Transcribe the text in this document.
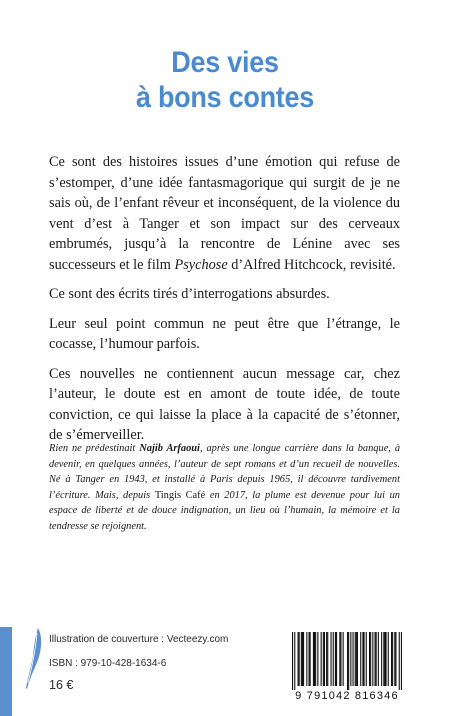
Des vies
à bons contes

Ce sont des histoires issues d’une émotion qui refuse de s’estomper, d’une idée fantasmagorique qui surgit de je ne sais où, de l’enfant rêveur et inconséquent, de la violence du vent d’est à Tanger et son impact sur des cerveaux embrumés, jusqu’à la rencontre de Lénine avec ses successeurs et le film Psychose d’Alfred Hitchcock, revisité.

Ce sont des écrits tirés d’interrogations absurdes.

Leur seul point commun ne peut être que l’étrange, le cocasse, l’humour parfois.

Ces nouvelles ne contiennent aucun message car, chez l’auteur, le doute est en amont de toute idée, de toute conviction, ce qui laisse la place à la capacité de s’étonner, de s’émerveiller.

Rien ne prédestinait Najib Arfaoui, après une longue carrière dans la banque, à devenir, en quelques années, l’auteur de sept romans et d’un recueil de nouvelles. Né à Tanger en 1943, et installé à Paris depuis 1965, il découvre tardivement l’écriture. Mais, depuis Tingis Café en 2017, la plume est devenue pour lui un espace de liberté et de douce indignation, un lieu où l’humain, la mémoire et la tendresse se rejoignent.
Illustration de couverture : Vecteezy.com
ISBN : 979-10-428-1634-6
16 €
9 791042 816346
